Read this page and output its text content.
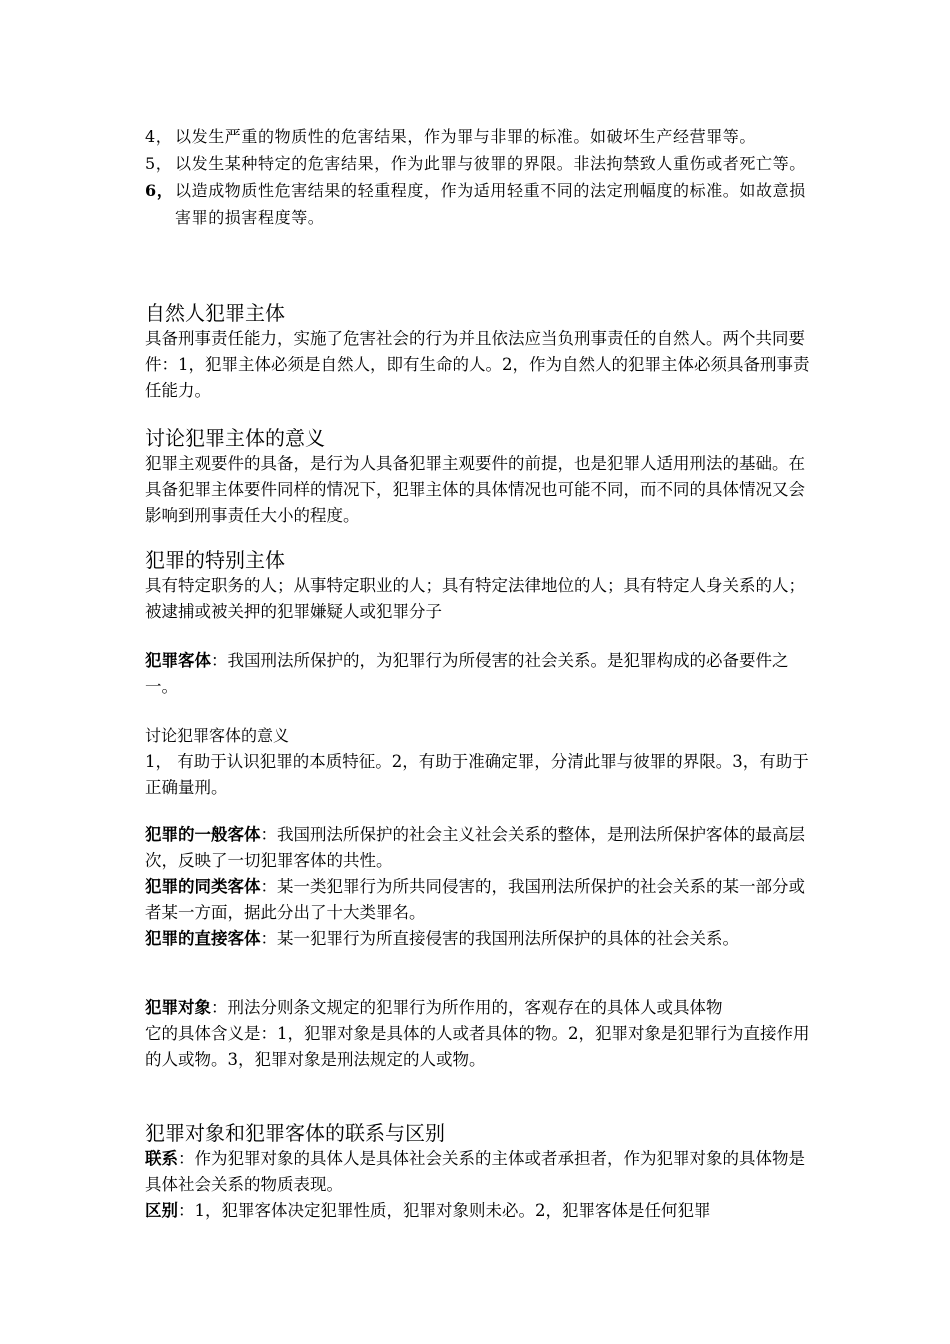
4， 以发生严重的物质性的危害结果，作为罪与非罪的标准。如破坏生产经营罪等。
5， 以发生某种特定的危害结果，作为此罪与彼罪的界限。非法拘禁致人重伤或者死亡等。
6， 以造成物质性危害结果的轻重程度，作为适用轻重不同的法定刑幅度的标准。如故意损害罪的损害程度等。

自然人犯罪主体

具备刑事责任能力，实施了危害社会的行为并且依法应当负刑事责任的自然人。两个共同要件：1，犯罪主体必须是自然人，即有生命的人。2，作为自然人的犯罪主体必须具备刑事责任能力。

讨论犯罪主体的意义

犯罪主观要件的具备，是行为人具备犯罪主观要件的前提，也是犯罪人适用刑法的基础。在具备犯罪主体要件同样的情况下，犯罪主体的具体情况也可能不同，而不同的具体情况又会影响到刑事责任大小的程度。

犯罪的特别主体

具有特定职务的人；从事特定职业的人；具有特定法律地位的人；具有特定人身关系的人；被逮捕或被关押的犯罪嫌疑人或犯罪分子

犯罪客体：我国刑法所保护的，为犯罪行为所侵害的社会关系。是犯罪构成的必备要件之一。

讨论犯罪客体的意义

1， 有助于认识犯罪的本质特征。2，有助于准确定罪，分清此罪与彼罪的界限。3，有助于正确量刑。

犯罪的一般客体：我国刑法所保护的社会主义社会关系的整体，是刑法所保护客体的最高层次，反映了一切犯罪客体的共性。

犯罪的同类客体：某一类犯罪行为所共同侵害的，我国刑法所保护的社会关系的某一部分或者某一方面，据此分出了十大类罪名。

犯罪的直接客体：某一犯罪行为所直接侵害的我国刑法所保护的具体的社会关系。

犯罪对象：刑法分则条文规定的犯罪行为所作用的，客观存在的具体人或具体物

它的具体含义是：1，犯罪对象是具体的人或者具体的物。2，犯罪对象是犯罪行为直接作用的人或物。3，犯罪对象是刑法规定的人或物。

犯罪对象和犯罪客体的联系与区别

联系：作为犯罪对象的具体人是具体社会关系的主体或者承担者，作为犯罪对象的具体物是具体社会关系的物质表现。

区别：1，犯罪客体决定犯罪性质，犯罪对象则未必。2，犯罪客体是任何犯罪
